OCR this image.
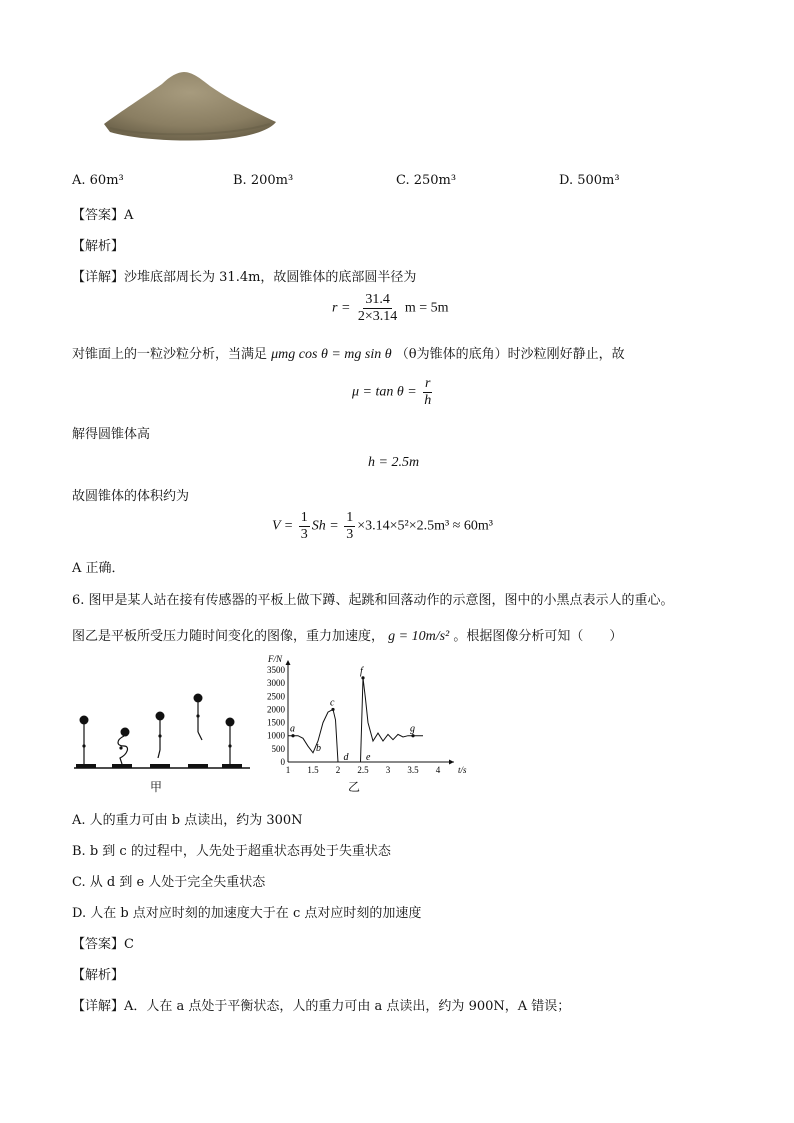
A. 60m³	B. 200m³	C. 250m³	D. 500m³
【答案】A
【解析】
【详解】沙堆底部周长为 31.4m，故圆锥体的底部圆半径为
$r = \frac{31.4}{2\times 3.14}$ m = 5m
对锥面上的一粒沙粒分析，当满足 μmg cos θ = mg sin θ （θ为锥体的底角）时沙粒刚好静止，故
$\mu = \tan \theta = \frac{r}{h}$
解得圆锥体高
h = 2.5m
故圆锥体的体积约为
$V = \frac{1}{3}$ $Sh = \frac{1}{3} \times 3.14\times 5^2\times 2.5m^3 \approx 60m^3$
A 正确．
6. 图甲是某人站在接有传感器的平板上做下蹲、起跳和回落动作的示意图，图中的小黑点表示人的重心。
图乙是平板所受压力随时间变化的图像，重力加速度， g = 10m/s² 。根据图像分析可知（　　）
甲
0
500
1000
1500
2000
2500
3000
3500
1 1.5 2 2.5 3 3.5 4
F/N
t/s
a
b
c
d e
f
g
乙
A. 人的重力可由 b 点读出，约为 300N
B. b 到 c 的过程中，人先处于超重状态再处于失重状态
C. 从 d 到 e 人处于完全失重状态
D. 人在 b 点对应时刻的加速度大于在 c 点对应时刻的加速度
【答案】C
【解析】
【详解】A．人在 a 点处于平衡状态，人的重力可由 a 点读出，约为 900N，A 错误；
